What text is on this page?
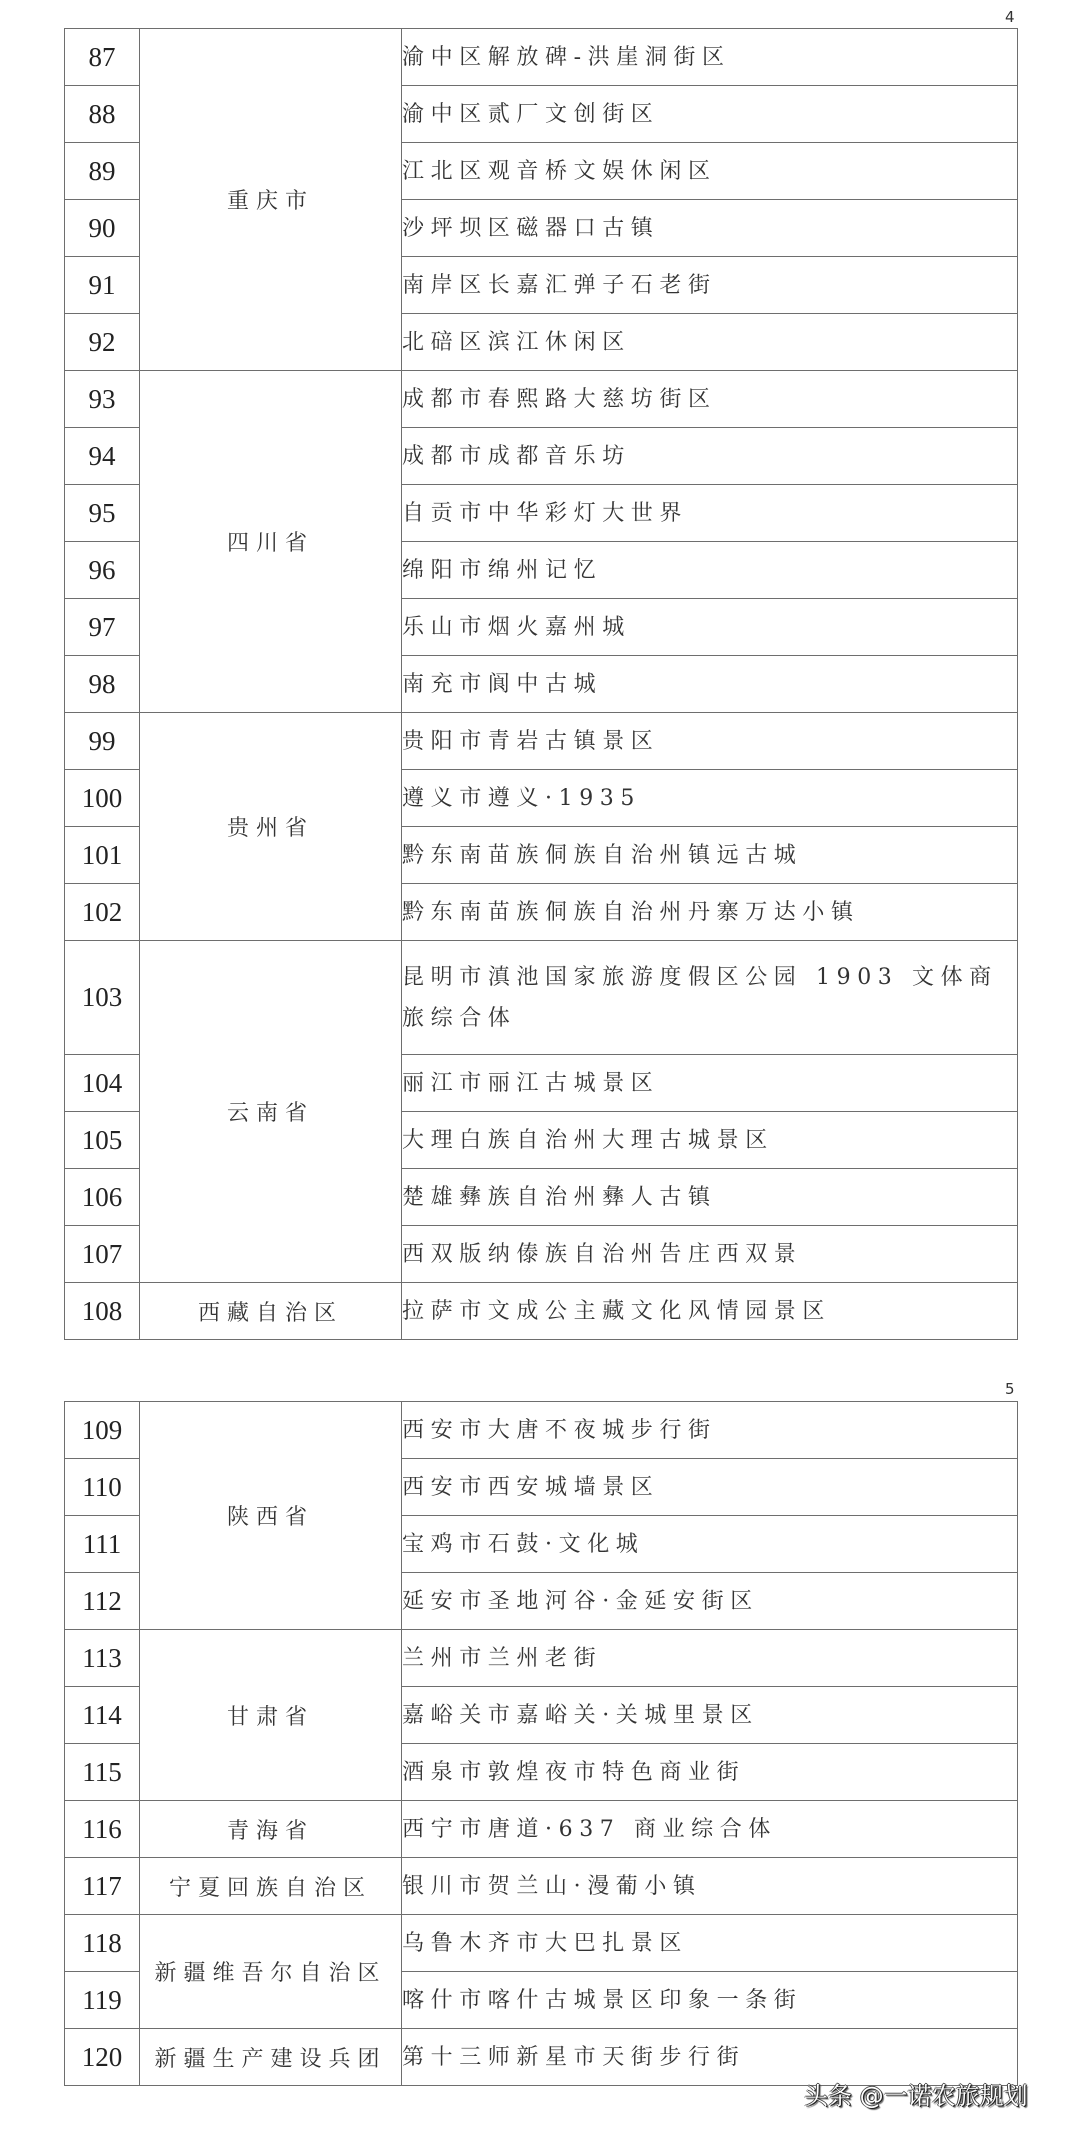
4
87	重庆市	渝中区解放碑-洪崖洞街区
88		渝中区贰厂文创街区
89		江北区观音桥文娱休闲区
90		沙坪坝区磁器口古镇
91		南岸区长嘉汇弹子石老街
92		北碚区滨江休闲区
93	四川省	成都市春熙路大慈坊街区
94		成都市成都音乐坊
95		自贡市中华彩灯大世界
96		绵阳市绵州记忆
97		乐山市烟火嘉州城
98		南充市阆中古城
99	贵州省	贵阳市青岩古镇景区
100		遵义市遵义·1935
101		黔东南苗族侗族自治州镇远古城
102		黔东南苗族侗族自治州丹寨万达小镇
103	云南省	昆明市滇池国家旅游度假区公园 1903 文体商旅综合体
104		丽江市丽江古城景区
105		大理白族自治州大理古城景区
106		楚雄彝族自治州彝人古镇
107		西双版纳傣族自治州告庄西双景
108	西藏自治区	拉萨市文成公主藏文化风情园景区
5
109	陕西省	西安市大唐不夜城步行街
110		西安市西安城墙景区
111		宝鸡市石鼓·文化城
112		延安市圣地河谷·金延安街区
113	甘肃省	兰州市兰州老街
114		嘉峪关市嘉峪关·关城里景区
115		酒泉市敦煌夜市特色商业街
116	青海省	西宁市唐道·637 商业综合体
117	宁夏回族自治区	银川市贺兰山·漫葡小镇
118	新疆维吾尔自治区	乌鲁木齐市大巴扎景区
119		喀什市喀什古城景区印象一条街
120	新疆生产建设兵团	第十三师新星市天街步行街
头条 @一诺农旅规划
